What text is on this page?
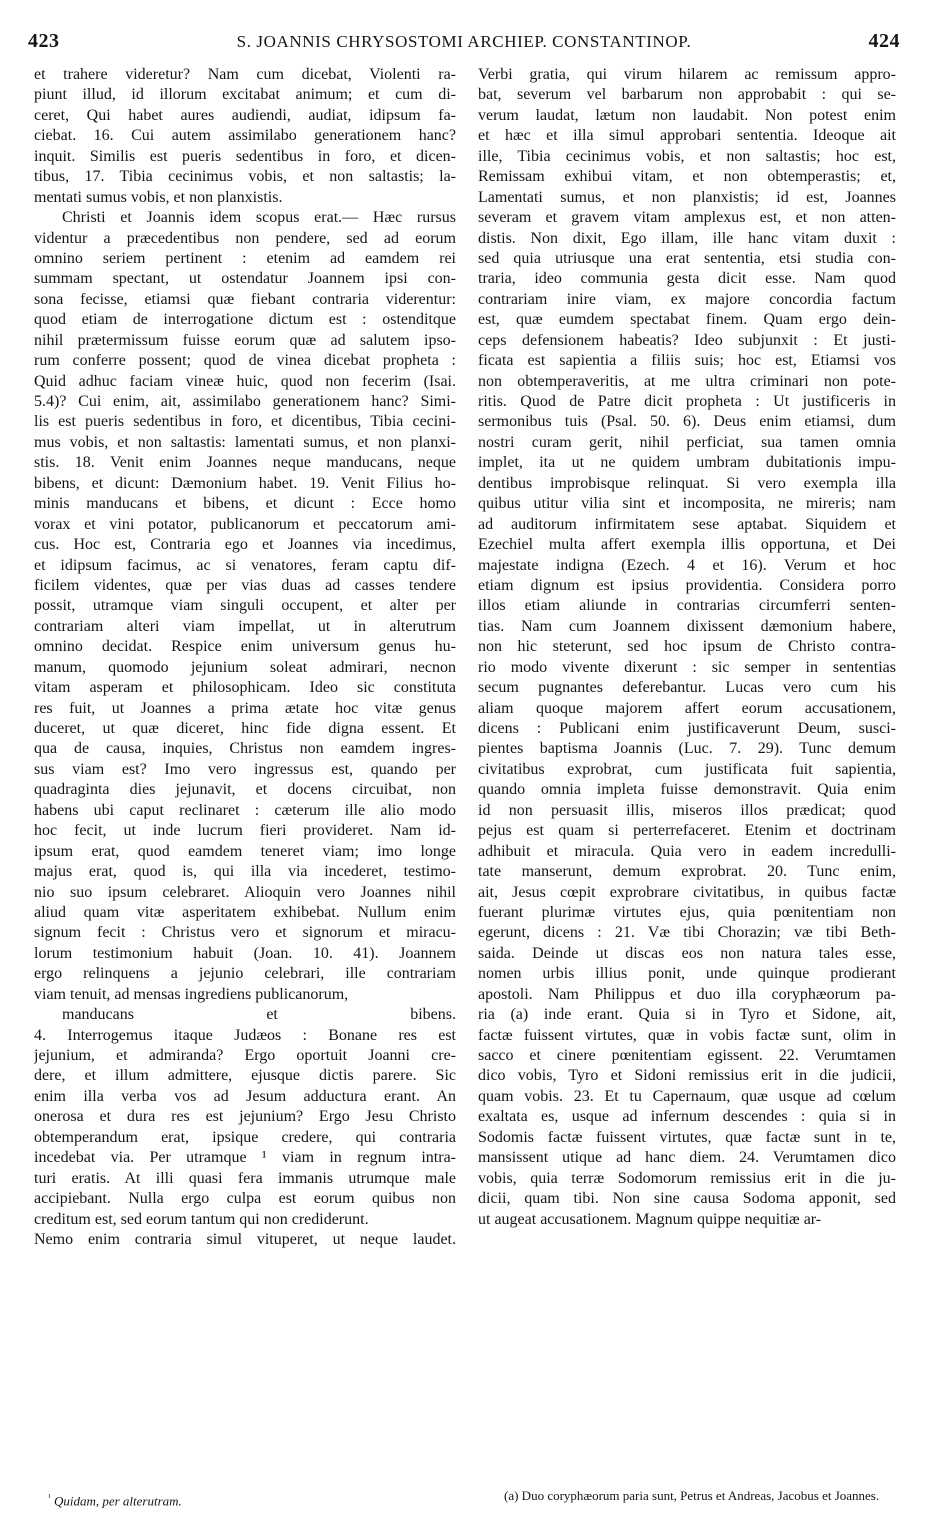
423	S. JOANNIS CHRYSOSTOMI ARCHIEP. CONSTANTINOP.	424
et trahere videretur? Nam cum dicebat, Violenti ra-
piunt illud, id illorum excitabat animum; et cum di-
ceret, Qui habet aures audiendi, audiat, idipsum fa-
ciebat. 16. Cui autem assimilabo generationem hanc?
inquit. Similis est pueris sedentibus in foro, et dicen-
tibus, 17. Tibia cecinimus vobis, et non saltastis; la-
mentati sumus vobis, et non planxistis.
Christi et Joannis idem scopus erat.— Hæc rursus
videntur a præcedentibus non pendere, sed ad eorum
omnino seriem pertinent : etenim ad eamdem rei
summam spectant, ut ostendatur Joannem ipsi con-
sona fecisse, etiamsi quæ fiebant contraria viderentur:
quod etiam de interrogatione dictum est : ostenditque
nihil prætermissum fuisse eorum quæ ad salutem ipso-
rum conferre possent; quod de vinea dicebat propheta :
Quid adhuc faciam vineæ huic, quod non fecerim (Isai.
5.4)? Cui enim, ait, assimilabo generationem hanc? Simi-
lis est pueris sedentibus in foro, et dicentibus, Tibia cecini-
mus vobis, et non saltastis: lamentati sumus, et non planxi-
stis. 18. Venit enim Joannes neque manducans, neque
bibens, et dicunt: Dæmonium habet. 19. Venit Filius ho-
minis manducans et bibens, et dicunt : Ecce homo
vorax et vini potator, publicanorum et peccatorum ami-
cus. Hoc est, Contraria ego et Joannes via incedimus,
et idipsum facimus, ac si venatores, feram captu dif-
ficilem videntes, quæ per vias duas ad casses tendere
possit, utramque viam singuli occupent, et alter per
contrariam alteri viam impellat, ut in alterutrum
omnino decidat. Respice enim universum genus hu-
manum, quomodo jejunium soleat admirari, necnon
vitam asperam et philosophicam. Ideo sic constituta
res fuit, ut Joannes a prima ætate hoc vitæ genus
duceret, ut quæ diceret, hinc fide digna essent. Et
qua de causa, inquies, Christus non eamdem ingres-
sus viam est? Imo vero ingressus est, quando per
quadraginta dies jejunavit, et docens circuibat, non
habens ubi caput reclinaret : cæterum ille alio modo
hoc fecit, ut inde lucrum fieri provideret. Nam id-
ipsum erat, quod eamdem teneret viam; imo longe
majus erat, quod is, qui illa via incederet, testimo-
nio suo ipsum celebraret. Alioquin vero Joannes nihil
aliud quam vitæ asperitatem exhibebat. Nullum enim
signum fecit : Christus vero et signorum et miracu-
lorum testimonium habuit (Joan. 10. 41). Joannem
ergo relinquens a jejunio celebrari, ille contrariam
viam tenuit, ad mensas ingrediens publicanorum,
manducans et bibens.
4. Interrogemus itaque Judæos : Bonane res est
jejunium, et admiranda? Ergo oportuit Joanni cre-
dere, et illum admittere, ejusque dictis parere. Sic
enim illa verba vos ad Jesum adductura erant. An
onerosa et dura res est jejunium? Ergo Jesu Christo
obtemperandum erat, ipsique credere, qui contraria
incedebat via. Per utramque ¹ viam in regnum intra-
turi eratis. At illi quasi fera immanis utrumque male
accipiebant. Nulla ergo culpa est eorum quibus non
creditum est, sed eorum tantum qui non crediderunt.
Nemo enim contraria simul vituperet, ut neque laudet.
Verbi gratia, qui virum hilarem ac remissum appro-
bat, severum vel barbarum non approbabit : qui se-
verum laudat, lætum non laudabit. Non potest enim
et hæc et illa simul approbari sententia. Ideoque ait
ille, Tibia cecinimus vobis, et non saltastis; hoc est,
Remissam exhibui vitam, et non obtemperastis; et,
Lamentati sumus, et non planxistis; id est, Joannes
severam et gravem vitam amplexus est, et non atten-
distis. Non dixit, Ego illam, ille hanc vitam duxit :
sed quia utriusque una erat sententia, etsi studia con-
traria, ideo communia gesta dicit esse. Nam quod
contrariam inire viam, ex majore concordia factum
est, quæ eumdem spectabat finem. Quam ergo dein-
ceps defensionem habeatis? Ideo subjunxit : Et justi-
ficata est sapientia a filiis suis; hoc est, Etiamsi vos
non obtemperaveritis, at me ultra criminari non pote-
ritis. Quod de Patre dicit propheta : Ut justificeris in
sermonibus tuis (Psal. 50. 6). Deus enim etiamsi, dum
nostri curam gerit, nihil perficiat, sua tamen omnia
implet, ita ut ne quidem umbram dubitationis impu-
dentibus improbisque relinquat. Si vero exempla illa
quibus utitur vilia sint et incomposita, ne mireris; nam
ad auditorum infirmitatem sese aptabat. Siquidem et
Ezechiel multa affert exempla illis opportuna, et Dei
majestate indigna (Ezech. 4 et 16). Verum et hoc
etiam dignum est ipsius providentia. Considera porro
illos etiam aliunde in contrarias circumferri senten-
tias. Nam cum Joannem dixissent dæmonium habere,
non hic steterunt, sed hoc ipsum de Christo contra-
rio modo vivente dixerunt : sic semper in sententias
secum pugnantes deferebantur. Lucas vero cum his
aliam quoque majorem affert eorum accusationem,
dicens : Publicani enim justificaverunt Deum, susci-
pientes baptisma Joannis (Luc. 7. 29). Tunc demum
civitatibus exprobrat, cum justificata fuit sapientia,
quando omnia impleta fuisse demonstravit. Quia enim
id non persuasit illis, miseros illos prædicat; quod
pejus est quam si perterrefaceret. Etenim et doctrinam
adhibuit et miracula. Quia vero in eadem incredulli-
tate manserunt, demum exprobrat. 20. Tunc enim,
ait, Jesus cœpit exprobrare civitatibus, in quibus factæ
fuerant plurimæ virtutes ejus, quia pœnitentiam non
egerunt, dicens : 21. Væ tibi Chorazin; væ tibi Beth-
saida. Deinde ut discas eos non natura tales esse,
nomen urbis illius ponit, unde quinque prodierant
apostoli. Nam Philippus et duo illa coryphæorum pa-
ria (a) inde erant. Quia si in Tyro et Sidone, ait,
factæ fuissent virtutes, quæ in vobis factæ sunt, olim in
sacco et cinere pœnitentiam egissent. 22. Verumtamen
dico vobis, Tyro et Sidoni remissius erit in die judicii,
quam vobis. 23. Et tu Capernaum, quæ usque ad cœlum
exaltata es, usque ad infernum descendes : quia si in
Sodomis factæ fuissent virtutes, quæ factæ sunt in te,
mansissent utique ad hanc diem. 24. Verumtamen dico
vobis, quia terræ Sodomorum remissius erit in die ju-
dicii, quam tibi. Non sine causa Sodoma apponit, sed
ut augeat accusationem. Magnum quippe nequitiæ ar-
$^{^1}$ Quidam, per alterutram.	(a) Duo coryphæorum paria sunt, Petrus et Andreas, Jacobus et Joannes.
